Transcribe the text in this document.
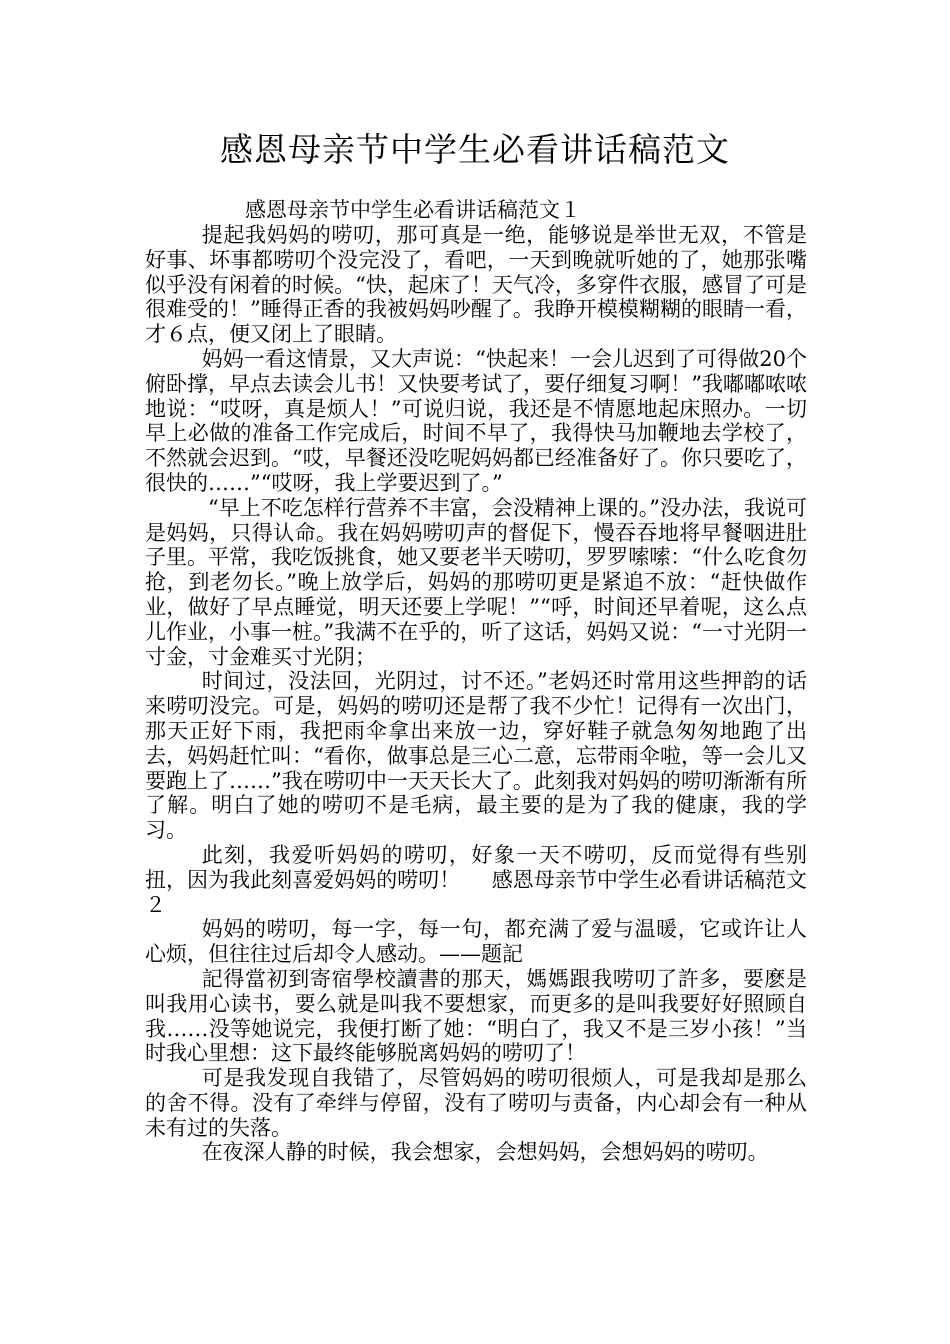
感恩母亲节中学生必看讲话稿范文

感恩母亲节中学生必看讲话稿范文１

提起我妈妈的唠叨，那可真是一绝，能够说是举世无双，不管是好事、坏事都唠叨个没完没了，看吧，一天到晚就听她的了，她那张嘴似乎没有闲着的时候。“快，起床了！天气冷，多穿件衣服，感冒了可是很难受的！”睡得正香的我被妈妈吵醒了。我睁开模模糊糊的眼睛一看，才６点，便又闭上了眼睛。

妈妈一看这情景，又大声说：“快起来！一会儿迟到了可得做20个俯卧撑，早点去读会儿书！又快要考试了，要仔细复习啊！”我嘟嘟哝哝地说：“哎呀，真是烦人！”可说归说，我还是不情愿地起床照办。一切早上必做的准备工作完成后，时间不早了，我得快马加鞭地去学校了，不然就会迟到。“哎，早餐还没吃呢妈妈都已经准备好了。你只要吃了，很快的……”“哎呀，我上学要迟到了。”

“早上不吃怎样行营养不丰富，会没精神上课的。”没办法，我说可是妈妈，只得认命。我在妈妈唠叨声的督促下，慢吞吞地将早餐咽进肚子里。平常，我吃饭挑食，她又要老半天唠叨，罗罗嗦嗦：“什么吃食勿抢，到老勿长。”晚上放学后，妈妈的那唠叨更是紧追不放：“赶快做作业，做好了早点睡觉，明天还要上学呢！”“呼，时间还早着呢，这么点儿作业，小事一桩。”我满不在乎的，听了这话，妈妈又说：“一寸光阴一寸金，寸金难买寸光阴；

时间过，没法回，光阴过，讨不还。”老妈还时常用这些押韵的话来唠叨没完。可是，妈妈的唠叨还是帮了我不少忙！记得有一次出门，那天正好下雨，我把雨伞拿出来放一边，穿好鞋子就急匆匆地跑了出去，妈妈赶忙叫：“看你，做事总是三心二意，忘带雨伞啦，等一会儿又要跑上了……”我在唠叨中一天天长大了。此刻我对妈妈的唠叨渐渐有所了解。明白了她的唠叨不是毛病，最主要的是为了我的健康，我的学习。

此刻，我爱听妈妈的唠叨，好象一天不唠叨，反而觉得有些别扭，因为我此刻喜爱妈妈的唠叨！ 感恩母亲节中学生必看讲话稿范文２

妈妈的唠叨，每一字，每一句，都充满了爱与温暖，它或许让人心烦，但往往过后却令人感动。——题記

記得當初到寄宿學校讀書的那天，媽媽跟我唠叨了許多，要麽是叫我用心读书，要么就是叫我不要想家，而更多的是叫我要好好照顾自我……没等她说完，我便打断了她：“明白了，我又不是三岁小孩！”当时我心里想：这下最终能够脱离妈妈的唠叨了！

可是我发现自我错了，尽管妈妈的唠叨很烦人，可是我却是那么的舍不得。没有了牵绊与停留，没有了唠叨与责备，内心却会有一种从未有过的失落。

在夜深人静的时候，我会想家，会想妈妈，会想妈妈的唠叨。
